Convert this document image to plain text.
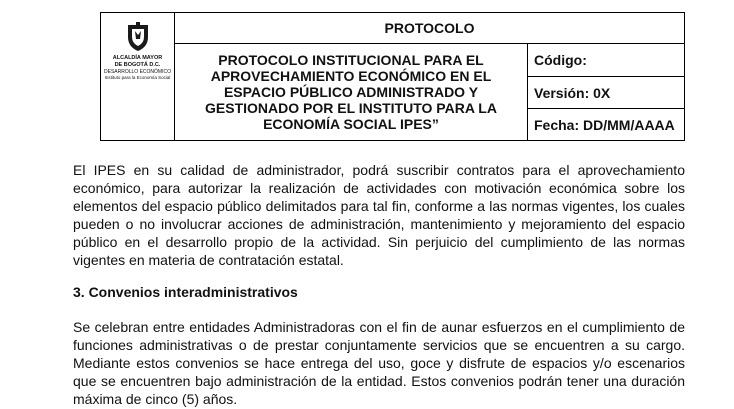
ALCALDÍA MAYOR
DE BOGOTÁ D.C.
DESARROLLO ECONÓMICO
Instituto para la Economía Social	PROTOCOLO	
	PROTOCOLO INSTITUCIONAL PARA EL APROVECHAMIENTO ECONÓMICO EN EL ESPACIO PÚBLICO ADMINISTRADO Y GESTIONADO POR EL INSTITUTO PARA LA ECONOMÍA SOCIAL IPES”	Código:
		Versión: 0X
		Fecha: DD/MM/AAAA

El IPES en su calidad de administrador, podrá suscribir contratos para el aprovechamiento económico, para autorizar la realización de actividades con motivación económica sobre los elementos del espacio público delimitados para tal fin, conforme a las normas vigentes, los cuales pueden o no involucrar acciones de administración, mantenimiento y mejoramiento del espacio público en el desarrollo propio de la actividad. Sin perjuicio del cumplimiento de las normas vigentes en materia de contratación estatal.

3. Convenios interadministrativos

Se celebran entre entidades Administradoras con el fin de aunar esfuerzos en el cumplimiento de funciones administrativas o de prestar conjuntamente servicios que se encuentren a su cargo. Mediante estos convenios se hace entrega del uso, goce y disfrute de espacios y/o escenarios que se encuentren bajo administración de la entidad. Estos convenios podrán tener una duración máxima de cinco (5) años.
